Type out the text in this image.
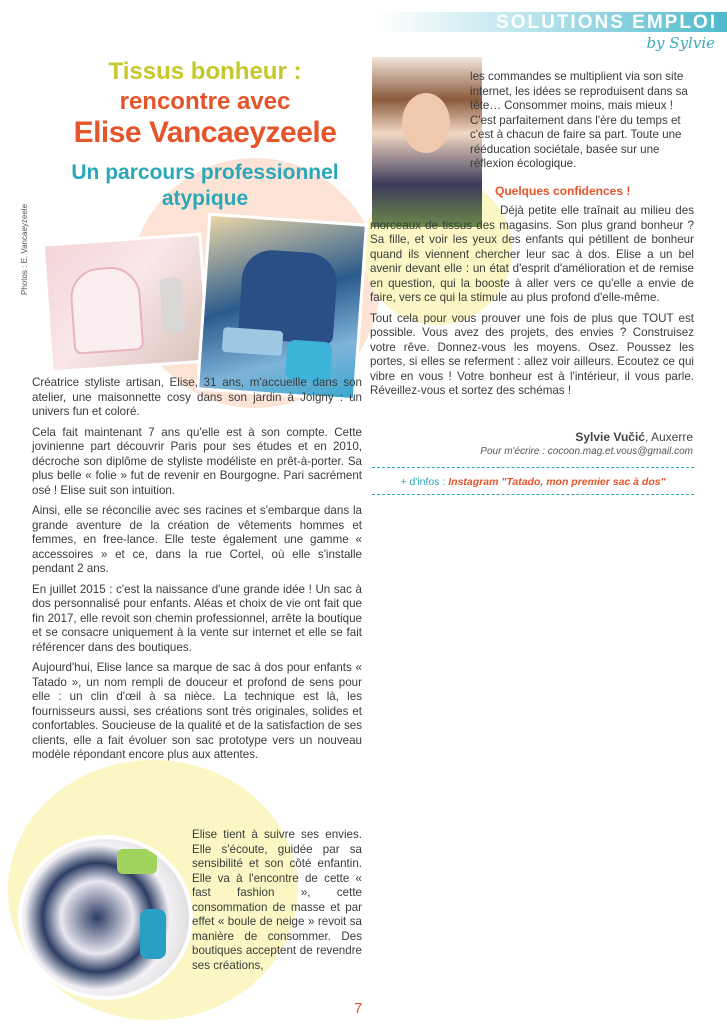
SOLUTIONS EMPLOI
by Sylvie
Tissus bonheur :
rencontre avec
Elise Vancaeyzeele
Un parcours professionnel atypique
Photos : E. Vancaeyzeele

Créatrice styliste artisan, Elise, 31 ans, m'accueille dans son atelier, une maisonnette cosy dans son jardin à Joigny : un univers fun et coloré.

Cela fait maintenant 7 ans qu'elle est à son compte. Cette jovinienne part découvrir Paris pour ses études et en 2010, décroche son diplôme de styliste modéliste en prêt-à-porter. Sa plus belle « folie » fut de revenir en Bourgogne. Pari sacrément osé ! Elise suit son intuition.

Ainsi, elle se réconcilie avec ses racines et s'embarque dans la grande aventure de la création de vêtements hommes et femmes, en free-lance. Elle teste également une gamme « accessoires » et ce, dans la rue Cortel, où elle s'installe pendant 2 ans.

En juillet 2015 : c'est la naissance d'une grande idée ! Un sac à dos personnalisé pour enfants. Aléas et choix de vie ont fait que fin 2017, elle revoit son chemin professionnel, arrête la boutique et se consacre uniquement à la vente sur internet et elle se fait référencer dans des boutiques.

Aujourd'hui, Elise lance sa marque de sac à dos pour enfants « Tatado », un nom rempli de douceur et profond de sens pour elle : un clin d'œil à sa nièce. La technique est là, les fournisseurs aussi, ses créations sont très originales, solides et confortables. Soucieuse de la qualité et de la satisfaction de ses clients, elle a fait évoluer son sac prototype vers un nouveau modèle répondant encore plus aux attentes.

Elise tient à suivre ses envies. Elle s'écoute, guidée par sa sensibilité et son côté enfantin. Elle va à l'encontre de cette « fast fashion », cette consommation de masse et par effet « boule de neige » revoit sa manière de consommer. Des boutiques acceptent de revendre ses créations,

les commandes se multiplient via son site internet, les idées se reproduisent dans sa tête… Consommer moins, mais mieux ! C'est parfaitement dans l'ère du temps et c'est à chacun de faire sa part. Toute une rééducation sociétale, basée sur une réflexion écologique.

Quelques confidences !

Déjà petite elle traînait au milieu des morceaux de tissus des magasins. Son plus grand bonheur ? Sa fille, et voir les yeux des enfants qui pétillent de bonheur quand ils viennent chercher leur sac à dos. Elise a un bel avenir devant elle : un état d'esprit d'amélioration et de remise en question, qui la booste à aller vers ce qu'elle a envie de faire, vers ce qui la stimule au plus profond d'elle-même.

Tout cela pour vous prouver une fois de plus que TOUT est possible. Vous avez des projets, des envies ? Construisez votre rêve. Donnez-vous les moyens. Osez. Poussez les portes, si elles se referment : allez voir ailleurs. Ecoutez ce qui vibre en vous ! Votre bonheur est à l'intérieur, il vous parle. Réveillez-vous et sortez des schémas !

Sylvie Vučić, Auxerre
Pour m'écrire : cocoon.mag.et.vous@gmail.com
+ d'infos : Instagram "Tatado, mon premier sac à dos"
7
